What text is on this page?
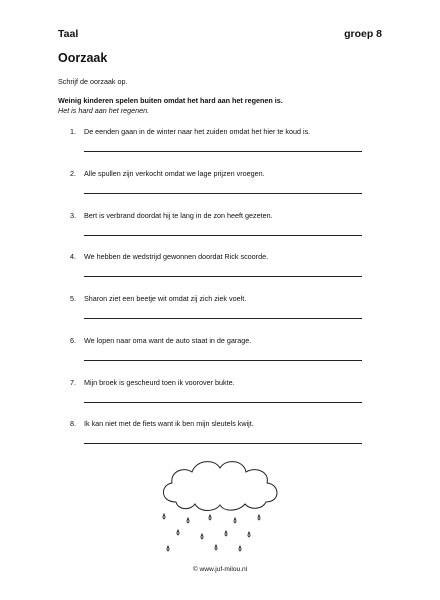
Taal	groep 8
Oorzaak
Schrijf de oorzaak op.
Weinig kinderen spelen buiten omdat het hard aan het regenen is.
Het is hard aan het regenen.
1. De eenden gaan in de winter naar het zuiden omdat het hier te koud is.
2. Alle spullen zijn verkocht omdat we lage prijzen vroegen.
3. Bert is verbrand doordat hij te lang in de zon heeft gezeten.
4. We hebben de wedstrijd gewonnen doordat Rick scoorde.
5. Sharon ziet een beetje wit omdat zij zich ziek voelt.
6. We lopen naar oma want de auto staat in de garage.
7. Mijn broek is gescheurd toen ik voorover bukte.
8. Ik kan niet met de fiets want ik ben mijn sleutels kwijt.
© www.juf-milou.nl
